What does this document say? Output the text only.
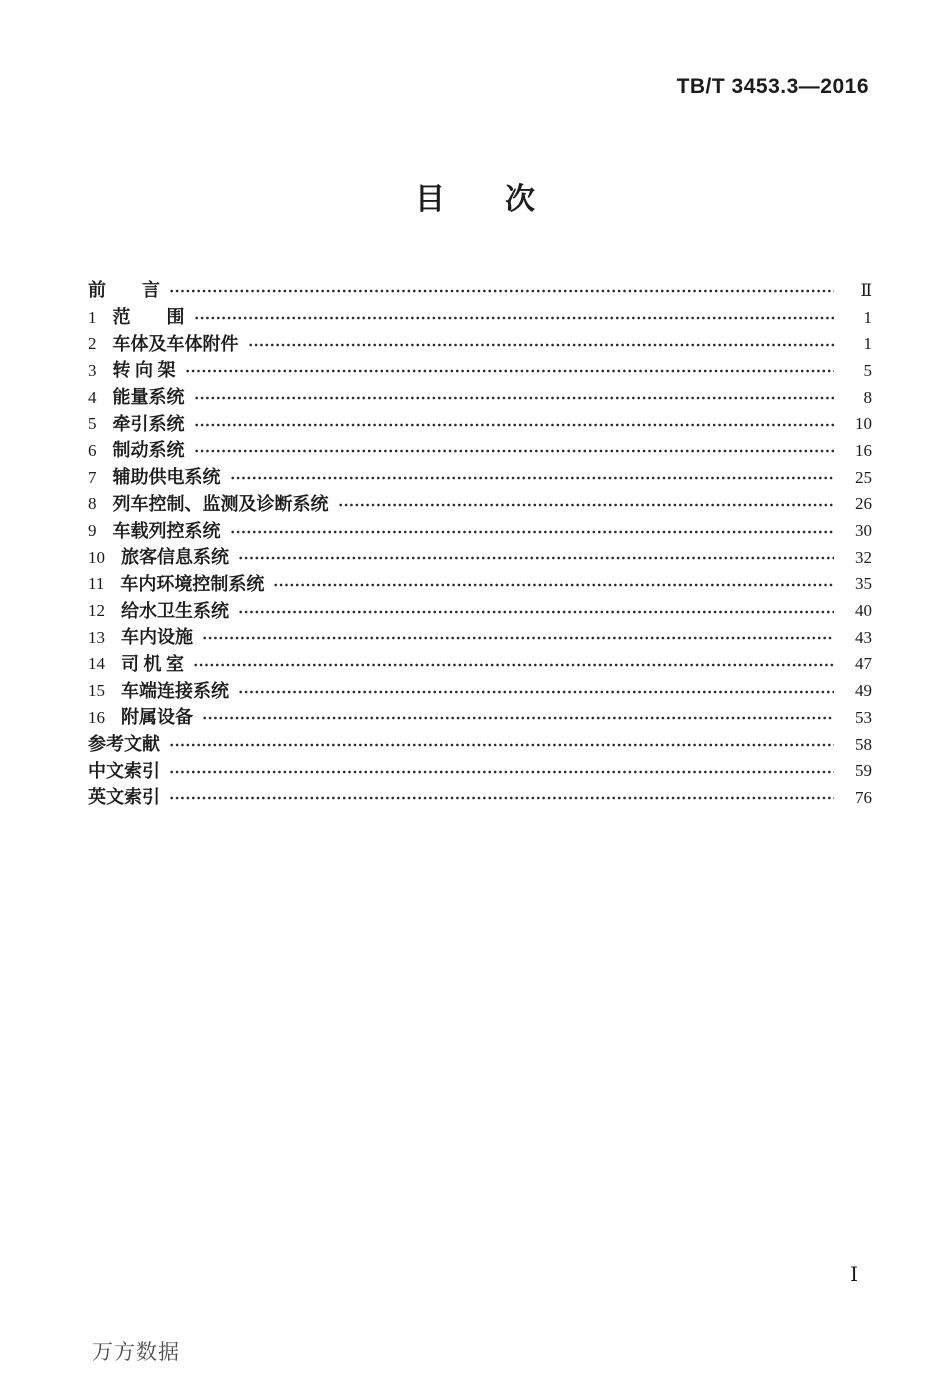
TB/T 3453.3—2016
目　　次
前　　言	Ⅱ
1 范　　围	1
2 车体及车体附件	1
3 转 向 架	5
4 能量系统	8
5 牵引系统	10
6 制动系统	16
7 辅助供电系统	25
8 列车控制、监测及诊断系统	26
9 车载列控系统	30
10 旅客信息系统	32
11 车内环境控制系统	35
12 给水卫生系统	40
13 车内设施	43
14 司 机 室	47
15 车端连接系统	49
16 附属设备	53
参考文献	58
中文索引	59
英文索引	76
Ⅰ
万方数据
